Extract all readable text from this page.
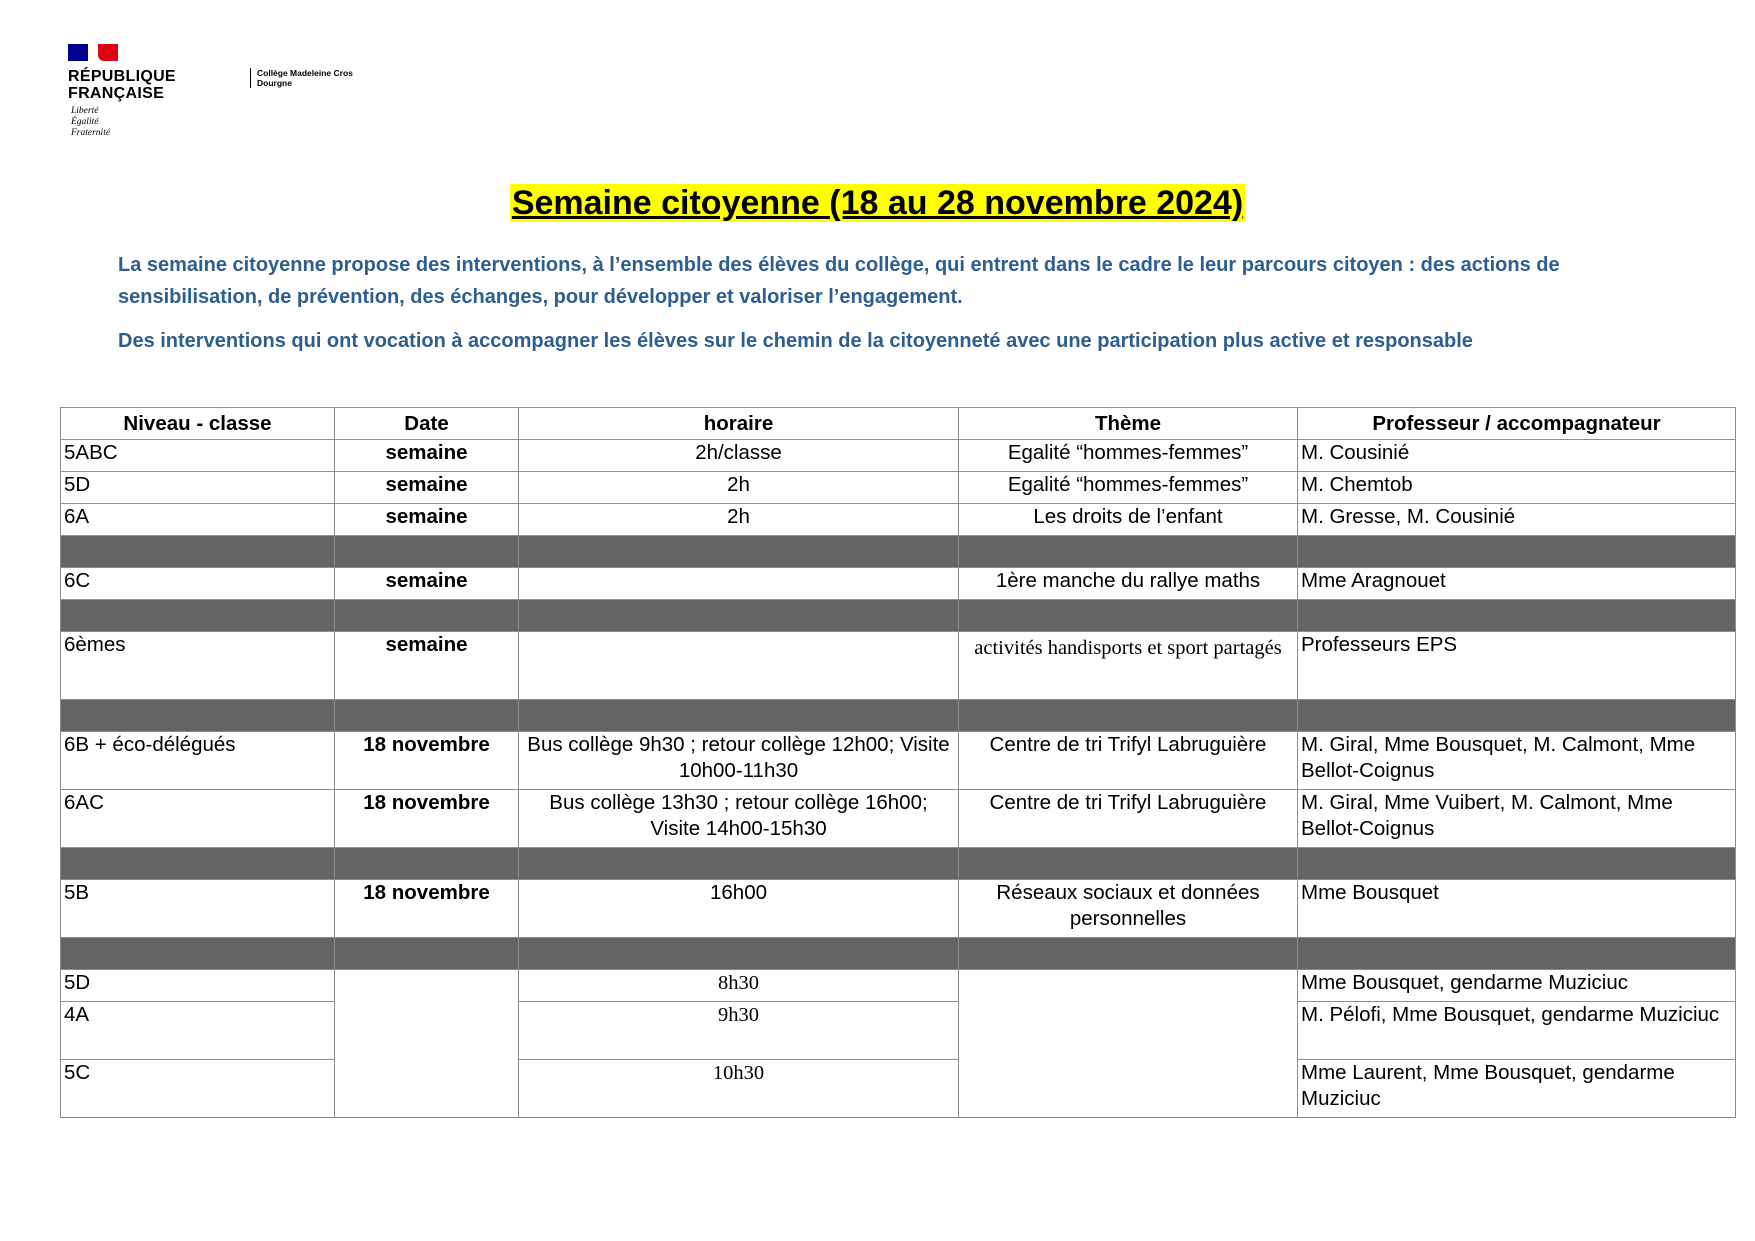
RÉPUBLIQUE
FRANÇAISE
Liberté
Égalité
Fraternité
Collège Madeleine Cros
Dourgne
Semaine citoyenne (18 au 28 novembre 2024)

La semaine citoyenne propose des interventions, à l’ensemble des élèves du collège, qui entrent dans le cadre le leur parcours citoyen : des actions de sensibilisation, de prévention, des échanges, pour développer et valoriser l’engagement.

Des interventions qui ont vocation à accompagner les élèves sur le chemin de la citoyenneté avec une participation plus active et responsable

Niveau - classe	Date	horaire	Thème	Professeur / accompagnateur
5ABC	semaine	2h/classe	Egalité “hommes-femmes”	M. Cousinié
5D	semaine	2h	Egalité “hommes-femmes”	M. Chemtob
6A	semaine	2h	Les droits de l’enfant	M. Gresse, M. Cousinié

6C	semaine		1ère manche du rallye maths	Mme Aragnouet

6èmes	semaine		activités handisports et sport partagés	Professeurs EPS

6B + éco-délégués	18 novembre	Bus collège 9h30 ; retour collège 12h00; Visite 10h00-11h30	Centre de tri Trifyl Labruguière	M. Giral, Mme Bousquet, M. Calmont, Mme Bellot-Coignus
6AC	18 novembre	Bus collège 13h30 ; retour collège 16h00; Visite 14h00-15h30	Centre de tri Trifyl Labruguière	M. Giral, Mme Vuibert, M. Calmont, Mme Bellot-Coignus

5B	18 novembre	16h00	Réseaux sociaux et données personnelles	Mme Bousquet

5D		8h30		Mme Bousquet, gendarme Muziciuc
4A		9h30		M. Pélofi, Mme Bousquet, gendarme Muziciuc
5C		10h30		Mme Laurent, Mme Bousquet, gendarme Muziciuc
